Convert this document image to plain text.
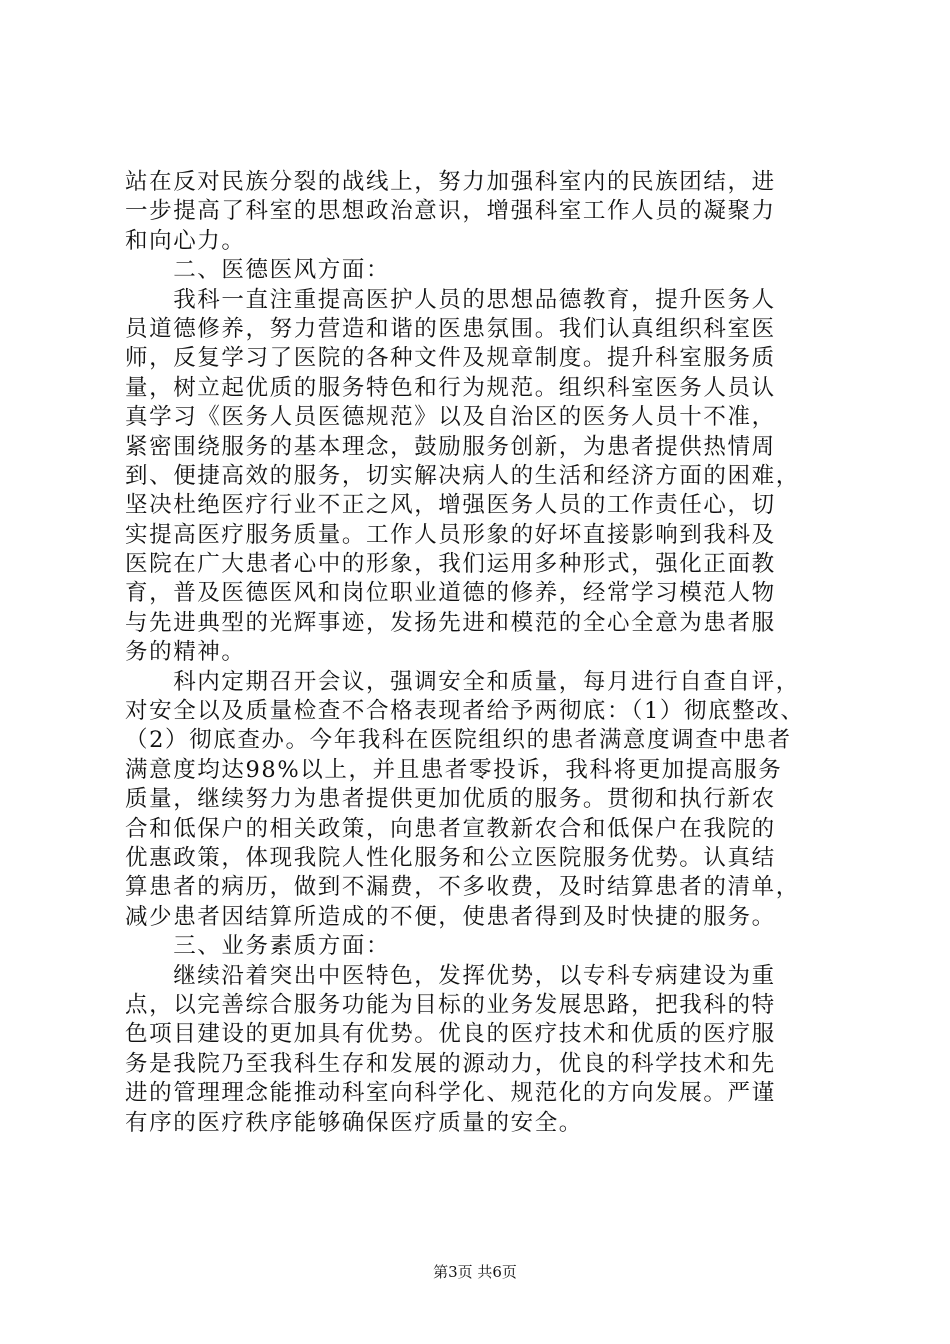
站在反对民族分裂的战线上，努力加强科室内的民族团结，进
一步提高了科室的思想政治意识，增强科室工作人员的凝聚力
和向心力。
　　二、医德医风方面：
　　我科一直注重提高医护人员的思想品德教育，提升医务人
员道德修养，努力营造和谐的医患氛围。我们认真组织科室医
师，反复学习了医院的各种文件及规章制度。提升科室服务质
量，树立起优质的服务特色和行为规范。组织科室医务人员认
真学习《医务人员医德规范》以及自治区的医务人员十不准，
紧密围绕服务的基本理念，鼓励服务创新，为患者提供热情周
到、便捷高效的服务，切实解决病人的生活和经济方面的困难，
坚决杜绝医疗行业不正之风，增强医务人员的工作责任心，切
实提高医疗服务质量。工作人员形象的好坏直接影响到我科及
医院在广大患者心中的形象，我们运用多种形式，强化正面教
育，普及医德医风和岗位职业道德的修养，经常学习模范人物
与先进典型的光辉事迹，发扬先进和模范的全心全意为患者服
务的精神。
　　科内定期召开会议，强调安全和质量，每月进行自查自评，
对安全以及质量检查不合格表现者给予两彻底：（1）彻底整改、
（2）彻底查办。今年我科在医院组织的患者满意度调查中患者
满意度均达98%以上，并且患者零投诉，我科将更加提高服务
质量，继续努力为患者提供更加优质的服务。贯彻和执行新农
合和低保户的相关政策，向患者宣教新农合和低保户在我院的
优惠政策，体现我院人性化服务和公立医院服务优势。认真结
算患者的病历，做到不漏费，不多收费，及时结算患者的清单，
减少患者因结算所造成的不便，使患者得到及时快捷的服务。
　　三、业务素质方面：
　　继续沿着突出中医特色，发挥优势，以专科专病建设为重
点，以完善综合服务功能为目标的业务发展思路，把我科的特
色项目建设的更加具有优势。优良的医疗技术和优质的医疗服
务是我院乃至我科生存和发展的源动力，优良的科学技术和先
进的管理理念能推动科室向科学化、规范化的方向发展。严谨
有序的医疗秩序能够确保医疗质量的安全。
第3页 共6页
